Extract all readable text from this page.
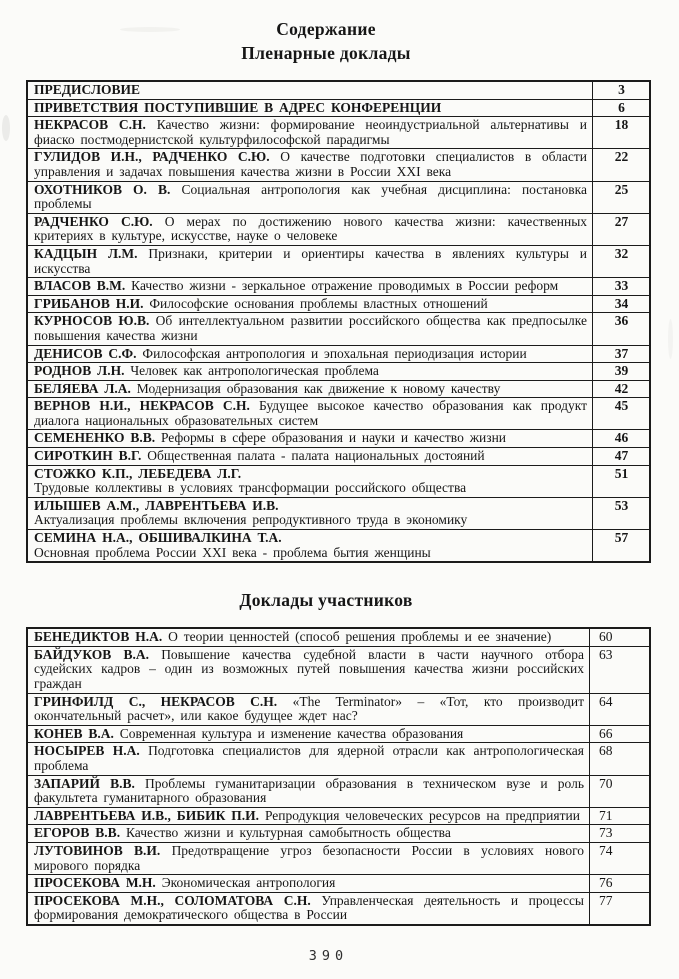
Содержание
Пленарные доклады
ПРЕДИСЛОВИЕ	3
ПРИВЕТСТВИЯ ПОСТУПИВШИЕ В АДРЕС КОНФЕРЕНЦИИ	6
НЕКРАСОВ С.Н. Качество жизни: формирование неоиндустриальной альтернативы и фиаско постмодернистской культурфилософской парадигмы	18
ГУЛИДОВ И.Н., РАДЧЕНКО С.Ю. О качестве подготовки специалистов в области управления и задачах повышения качества жизни в России XXI века	22
ОХОТНИКОВ О. В. Социальная антропология как учебная дисциплина: постановка проблемы	25
РАДЧЕНКО С.Ю. О мерах по достижению нового качества жизни: качественных критериях в культуре, искусстве, науке о человеке	27
КАДЦЫН Л.М. Признаки, критерии и ориентиры качества в явлениях культуры и искусства	32
ВЛАСОВ В.М. Качество жизни - зеркальное отражение проводимых в России реформ	33
ГРИБАНОВ Н.И. Философские основания проблемы властных отношений	34
КУРНОСОВ Ю.В. Об интеллектуальном развитии российского общества как предпосылке повышения качества жизни	36
ДЕНИСОВ С.Ф. Философская антропология и эпохальная периодизация истории	37
РОДНОВ Л.Н. Человек как антропологическая проблема	39
БЕЛЯЕВА Л.А. Модернизация образования как движение к новому качеству	42
ВЕРНОВ Н.И., НЕКРАСОВ С.Н. Будущее высокое качество образования как продукт диалога национальных образовательных систем	45
СЕМЕНЕНКО В.В. Реформы в сфере образования и науки и качество жизни	46
СИРОТКИН В.Г. Общественная палата - палата национальных достояний	47

СТОЖКО К.П., ЛЕБЕДЕВА Л.Г.
Трудовые коллективы в условиях трансформации российского общества	51

ИЛЫШЕВ А.М., ЛАВРЕНТЬЕВА И.В.
Актуализация проблемы включения репродуктивного труда в экономику	53

СЕМИНА Н.А., ОБШИВАЛКИНА Т.А.
Основная проблема России XXI века - проблема бытия женщины	57
Доклады участников
БЕНЕДИКТОВ Н.А. О теории ценностей (способ решения проблемы и ее значение)	60
БАЙДУКОВ В.А. Повышение качества судебной власти в части научного отбора судейских кадров – один из возможных путей повышения качества жизни российских граждан	63
ГРИНФИЛД С., НЕКРАСОВ С.Н. «The Terminator» – «Тот, кто производит окончательный расчет», или какое будущее ждет нас?	64
КОНЕВ В.А. Современная культура и изменение качества образования	66
НОСЫРЕВ Н.А. Подготовка специалистов для ядерной отрасли как антропологическая проблема	68
ЗАПАРИЙ В.В. Проблемы гуманитаризации образования в техническом вузе и роль факультета гуманитарного образования	70
ЛАВРЕНТЬЕВА И.В., БИБИК П.И. Репродукция человеческих ресурсов на предприятии	71
ЕГОРОВ В.В. Качество жизни и культурная самобытность общества	73
ЛУТОВИНОВ В.И. Предотвращение угроз безопасности России в условиях нового мирового порядка	74
ПРОСЕКОВА М.Н. Экономическая антропология	76
ПРОСЕКОВА М.Н., СОЛОМАТОВА С.Н. Управленческая деятельность и процессы формирования демократического общества в России	77
390
